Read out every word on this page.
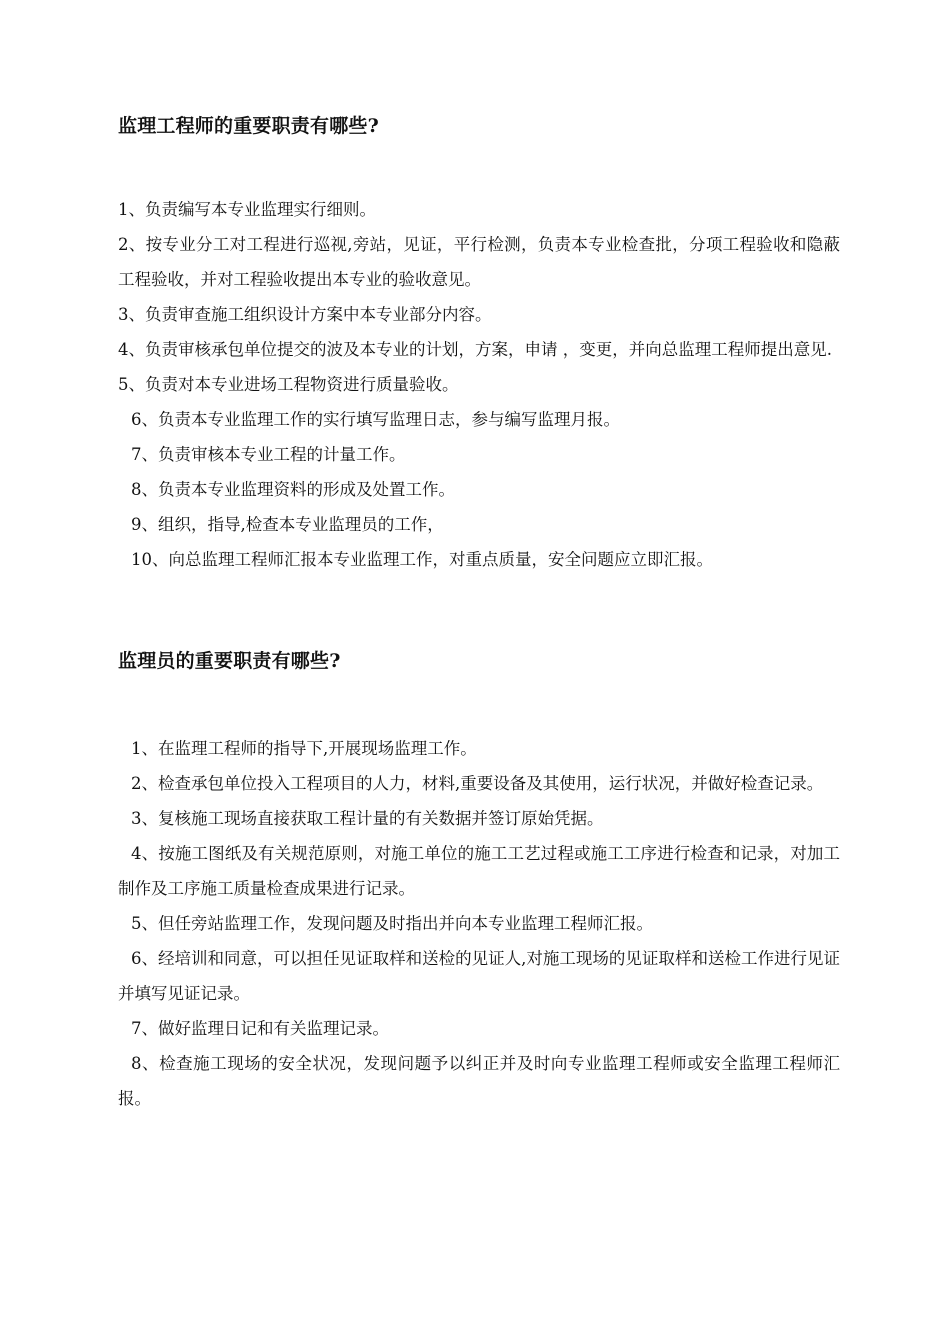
监理工程师的重要职责有哪些?
1、负责编写本专业监理实行细则。
2、按专业分工对工程进行巡视,旁站，见证，平行检测，负责本专业检查批，分项工程验收和隐蔽工程验收，并对工程验收提出本专业的验收意见。
3、负责审查施工组织设计方案中本专业部分内容。
4、负责审核承包单位提交的波及本专业的计划，方案，申请 ，变更，并向总监理工程师提出意见.
5、负责对本专业进场工程物资进行质量验收。
6、负责本专业监理工作的实行填写监理日志，参与编写监理月报。
7、负责审核本专业工程的计量工作。
8、负责本专业监理资料的形成及处置工作。
9、组织，指导,检查本专业监理员的工作，
10、向总监理工程师汇报本专业监理工作，对重点质量，安全问题应立即汇报。
监理员的重要职责有哪些?
1、在监理工程师的指导下,开展现场监理工作。
2、检查承包单位投入工程项目的人力，材料,重要设备及其使用，运行状况，并做好检查记录。
3、复核施工现场直接获取工程计量的有关数据并签订原始凭据。
4、按施工图纸及有关规范原则，对施工单位的施工工艺过程或施工工序进行检查和记录，对加工制作及工序施工质量检查成果进行记录。
5、但任旁站监理工作，发现问题及时指出并向本专业监理工程师汇报。
6、经培训和同意，可以担任见证取样和送检的见证人,对施工现场的见证取样和送检工作进行见证并填写见证记录。
7、做好监理日记和有关监理记录。
8、检查施工现场的安全状况，发现问题予以纠正并及时向专业监理工程师或安全监理工程师汇报。
